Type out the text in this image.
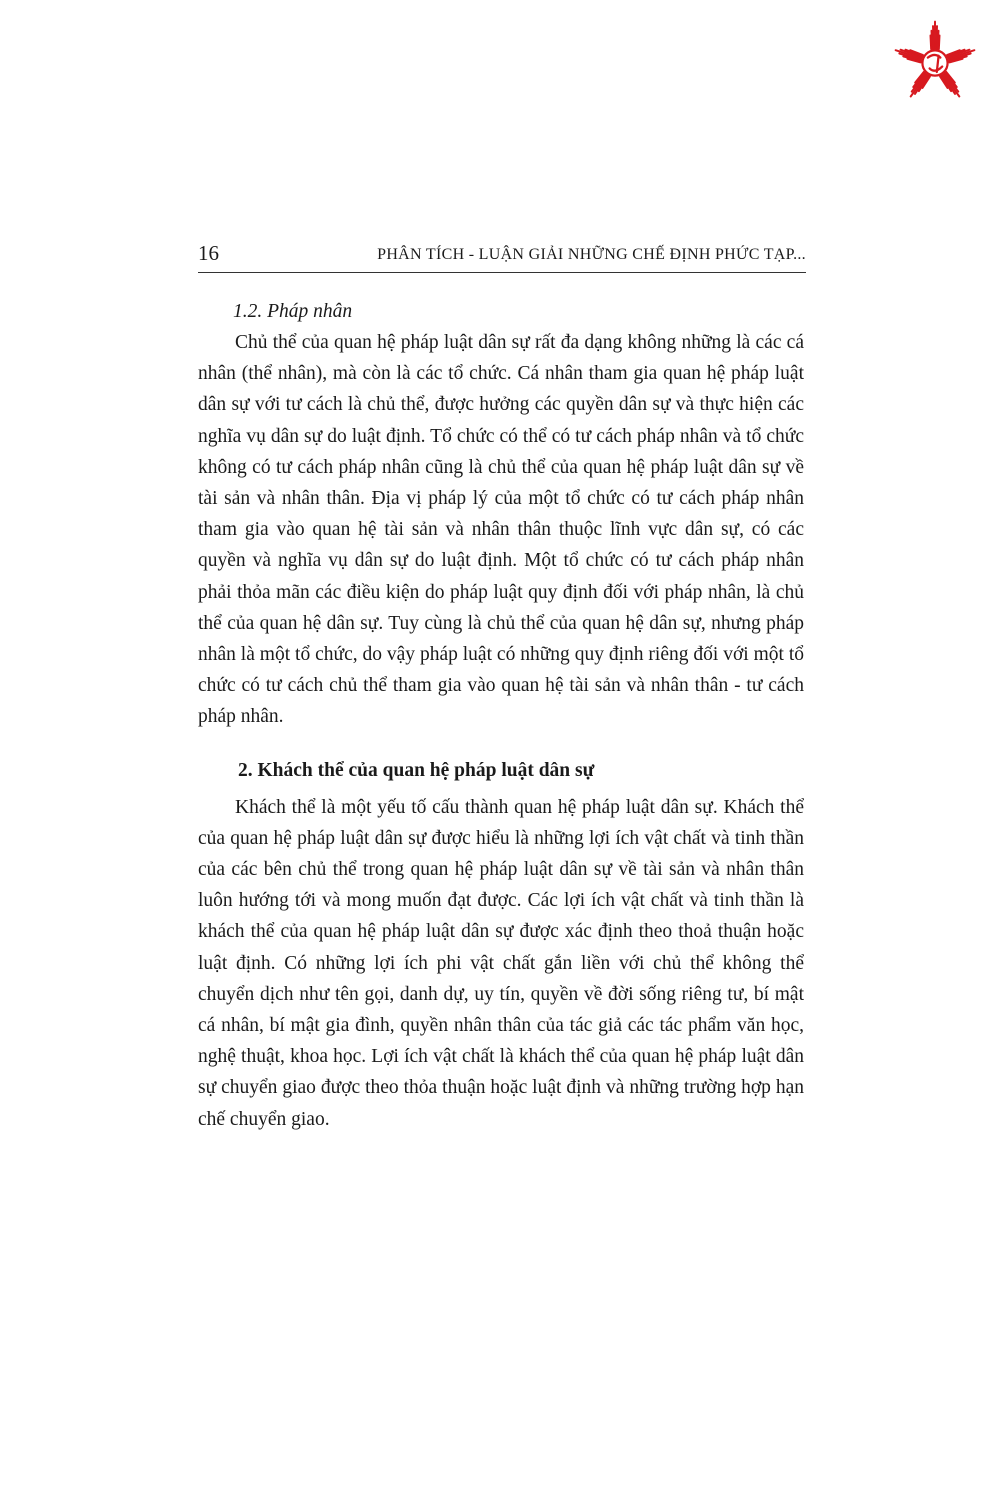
16	PHÂN TÍCH - LUẬN GIẢI NHỮNG CHẾ ĐỊNH PHỨC TẠP...
1.2. Pháp nhân

Chủ thể của quan hệ pháp luật dân sự rất đa dạng không những là các cá nhân (thể nhân), mà còn là các tổ chức. Cá nhân tham gia quan hệ pháp luật dân sự với tư cách là chủ thể, được hưởng các quyền dân sự và thực hiện các nghĩa vụ dân sự do luật định. Tổ chức có thể có tư cách pháp nhân và tổ chức không có tư cách pháp nhân cũng là chủ thể của quan hệ pháp luật dân sự về tài sản và nhân thân. Địa vị pháp lý của một tổ chức có tư cách pháp nhân tham gia vào quan hệ tài sản và nhân thân thuộc lĩnh vực dân sự, có các quyền và nghĩa vụ dân sự do luật định. Một tổ chức có tư cách pháp nhân phải thỏa mãn các điều kiện do pháp luật quy định đối với pháp nhân, là chủ thể của quan hệ dân sự. Tuy cùng là chủ thể của quan hệ dân sự, nhưng pháp nhân là một tổ chức, do vậy pháp luật có những quy định riêng đối với một tổ chức có tư cách chủ thể tham gia vào quan hệ tài sản và nhân thân - tư cách pháp nhân.

2. Khách thể của quan hệ pháp luật dân sự

Khách thể là một yếu tố cấu thành quan hệ pháp luật dân sự. Khách thể của quan hệ pháp luật dân sự được hiểu là những lợi ích vật chất và tinh thần của các bên chủ thể trong quan hệ pháp luật dân sự về tài sản và nhân thân luôn hướng tới và mong muốn đạt được. Các lợi ích vật chất và tinh thần là khách thể của quan hệ pháp luật dân sự được xác định theo thoả thuận hoặc luật định. Có những lợi ích phi vật chất gắn liền với chủ thể không thể chuyển dịch như tên gọi, danh dự, uy tín, quyền về đời sống riêng tư, bí mật cá nhân, bí mật gia đình, quyền nhân thân của tác giả các tác phẩm văn học, nghệ thuật, khoa học. Lợi ích vật chất là khách thể của quan hệ pháp luật dân sự chuyển giao được theo thỏa thuận hoặc luật định và những trường hợp hạn chế chuyển giao.
